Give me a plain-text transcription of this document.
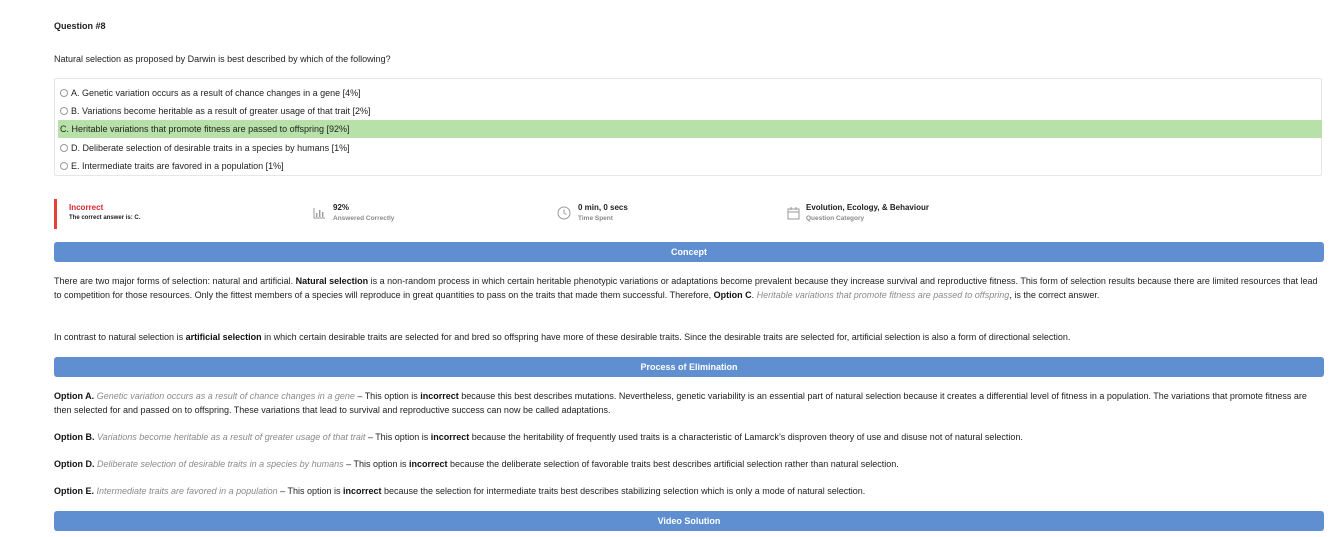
Question #8
Natural selection as proposed by Darwin is best described by which of the following?
A. Genetic variation occurs as a result of chance changes in a gene [4%]
B. Variations become heritable as a result of greater usage of that trait [2%]
C. Heritable variations that promote fitness are passed to offspring [92%]
D. Deliberate selection of desirable traits in a species by humans [1%]
E. Intermediate traits are favored in a population [1%]
Incorrect
The correct answer is: C.
92%
Answered Correctly
0 min, 0 secs
Time Spent
Evolution, Ecology, & Behaviour
Question Category
Concept
There are two major forms of selection: natural and artificial. Natural selection is a non-random process in which certain heritable phenotypic variations or adaptations become prevalent because they increase survival and reproductive fitness. This form of selection results because there are limited resources that lead to competition for those resources. Only the fittest members of a species will reproduce in great quantities to pass on the traits that made them successful. Therefore, Option C. Heritable variations that promote fitness are passed to offspring, is the correct answer.
In contrast to natural selection is artificial selection in which certain desirable traits are selected for and bred so offspring have more of these desirable traits. Since the desirable traits are selected for, artificial selection is also a form of directional selection.
Process of Elimination
Option A. Genetic variation occurs as a result of chance changes in a gene – This option is incorrect because this best describes mutations. Nevertheless, genetic variability is an essential part of natural selection because it creates a differential level of fitness in a population. The variations that promote fitness are then selected for and passed on to offspring. These variations that lead to survival and reproductive success can now be called adaptations.
Option B. Variations become heritable as a result of greater usage of that trait – This option is incorrect because the heritability of frequently used traits is a characteristic of Lamarck’s disproven theory of use and disuse not of natural selection.
Option D. Deliberate selection of desirable traits in a species by humans – This option is incorrect because the deliberate selection of favorable traits best describes artificial selection rather than natural selection.
Option E. Intermediate traits are favored in a population – This option is incorrect because the selection for intermediate traits best describes stabilizing selection which is only a mode of natural selection.
Video Solution
